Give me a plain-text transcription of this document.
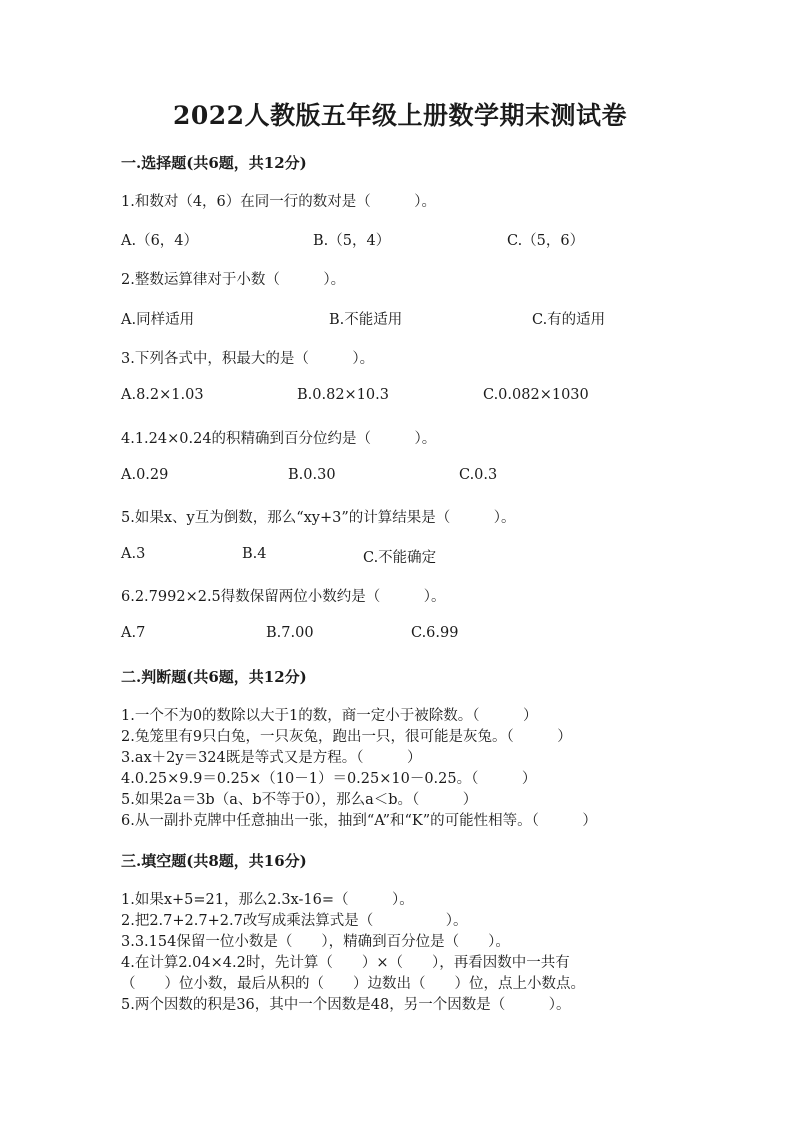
2022人教版五年级上册数学期末测试卷
一.选择题(共6题，共12分)
1.和数对（4，6）在同一行的数对是（　　　）。
A.（6，4）	B.（5，4）	C.（5，6）
2.整数运算律对于小数（　　　）。
A.同样适用	B.不能适用	C.有的适用
3.下列各式中，积最大的是（　　　）。
A.8.2×1.03	B.0.82×10.3	C.0.082×1030
4.1.24×0.24的积精确到百分位约是（　　　）。
A.0.29	B.0.30	C.0.3
5.如果x、y互为倒数，那么“xy+3”的计算结果是（　　　）。
A.3	B.4	C.不能确定
6.2.7992×2.5得数保留两位小数约是（　　　）。
A.7	B.7.00	C.6.99
二.判断题(共6题，共12分)
1.一个不为0的数除以大于1的数，商一定小于被除数。（　　　）
2.兔笼里有9只白兔，一只灰兔，跑出一只，很可能是灰兔。（　　　）
3.ax＋2y＝324既是等式又是方程。（　　　）
4.0.25×9.9＝0.25×（10－1）＝0.25×10－0.25。（　　　）
5.如果2a＝3b（a、b不等于0），那么a＜b。（　　　）
6.从一副扑克牌中任意抽出一张，抽到“A”和“K”的可能性相等。（　　　）
三.填空题(共8题，共16分)
1.如果x+5=21，那么2.3x-16=（　　　）。
2.把2.7+2.7+2.7改写成乘法算式是（　　　　　）。
3.3.154保留一位小数是（　　），精确到百分位是（　　）。
4.在计算2.04×4.2时，先计算（　　）×（　　），再看因数中一共有
（　　）位小数，最后从积的（　　）边数出（　　）位，点上小数点。
5.两个因数的积是36，其中一个因数是48，另一个因数是（　　　）。
